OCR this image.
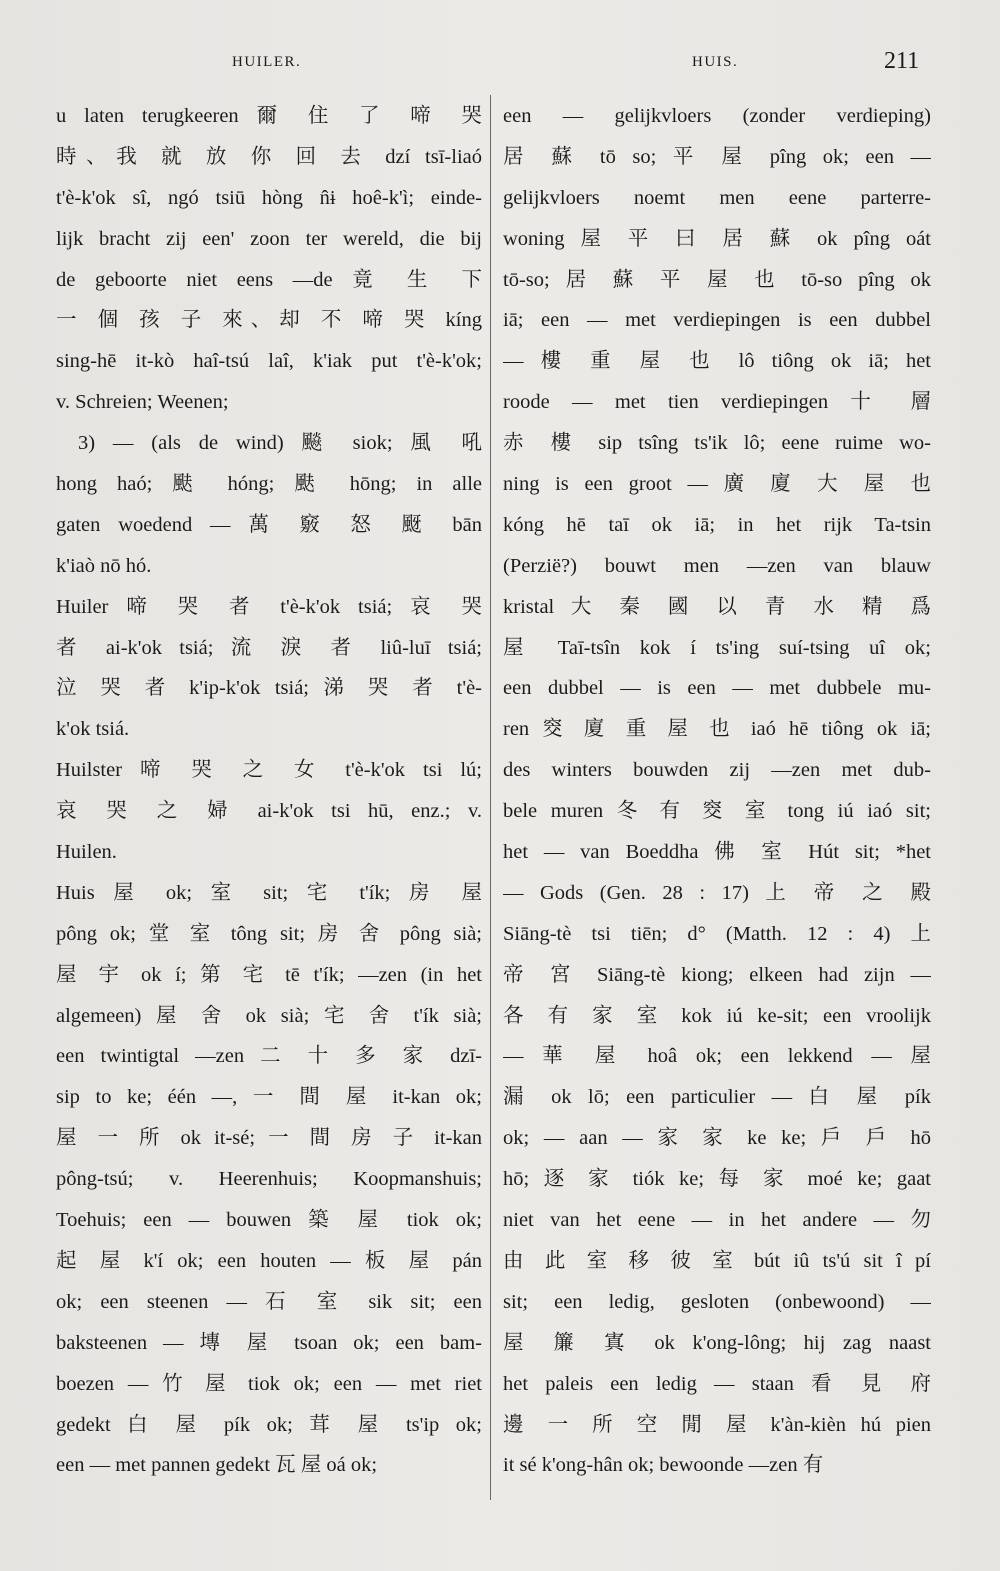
HUILER.	HUIS.	211
u laten terugkeeren 爾 住 了 啼 哭
時、我 就 放 你 回 去 dzí tsī-liaó
t'è-k'ok sî, ngó tsiū hòng n̂ɨ hoê-k'ì; einde-
lijk bracht zij een' zoon ter wereld, die bij
de geboorte niet eens —de 竟 生 下
一 個 孩 子 來、却 不 啼 哭 kíng
sing-hē it-kò haî-tsú laî, k'iak put t'è-k'ok;
v. Schreien; Weenen;
3) — (als de wind) 飈 siok; 風 吼
hong haó; 颫 hóng; 颫 hōng; in alle
gaten woedend — 萬 竅 怒 颬 bān
k'iaò nō hó.
Huiler 啼 哭 者 t'è-k'ok tsiá; 哀 哭
者 ai-k'ok tsiá; 流 淚 者 liû-luī tsiá;
泣 哭 者 k'ip-k'ok tsiá; 涕 哭 者 t'è-
k'ok tsiá.
Huilster 啼 哭 之 女 t'è-k'ok tsi lú;
哀 哭 之 婦 ai-k'ok tsi hū, enz.; v.
Huilen.
Huis 屋 ok; 室 sit; 宅 t'ík; 房 屋
pông ok; 堂 室 tông sit; 房 舍 pông sià;
屋 宇 ok í; 第 宅 tē t'ík; —zen (in het
algemeen) 屋 舍 ok sià; 宅 舍 t'ík sià;
een twintigtal —zen 二 十 多 家 dzī-
sip to ke; één —, 一 間 屋 it-kan ok;
屋 一 所 ok it-sé; 一 間 房 子 it-kan
pông-tsú; v. Heerenhuis; Koopmanshuis;
Toehuis; een — bouwen 築 屋 tiok ok;
起 屋 k'í ok; een houten — 板 屋 pán
ok; een steenen — 石 室 sik sit; een
baksteenen — 塼 屋 tsoan ok; een bam-
boezen — 竹 屋 tiok ok; een — met riet
gedekt 白 屋 pík ok; 茸 屋 ts'ip ok;
een — met pannen gedekt 瓦 屋 oá ok;
een — gelijkvloers (zonder verdieping)
居 蘇 tō so; 平 屋 pîng ok; een —
gelijkvloers noemt men eene parterre-
woning 屋 平 曰 居 蘇 ok pîng oát
tō-so; 居 蘇 平 屋 也 tō-so pîng ok
iā; een — met verdiepingen is een dubbel
— 樓 重 屋 也 lô tiông ok iā; het
roode — met tien verdiepingen 十 層
赤 樓 sip tsîng ts'ik lô; eene ruime wo-
ning is een groot — 廣 廈 大 屋 也
kóng hē taī ok iā; in het rijk Ta-tsin
(Perzië?) bouwt men —zen van blauw
kristal 大 秦 國 以 青 水 精 爲
屋 Taī-tsîn kok í ts'ing suí-tsing uî ok;
een dubbel — is een — met dubbele mu-
ren 窔 廈 重 屋 也 iaó hē tiông ok iā;
des winters bouwden zij —zen met dub-
bele muren 冬 有 窔 室 tong iú iaó sit;
het — van Boeddha 佛 室 Hút sit; *het
— Gods (Gen. 28 : 17) 上 帝 之 殿
Siāng-tè tsi tiēn; d° (Matth. 12 : 4) 上
帝 宮 Siāng-tè kiong; elkeen had zijn —
各 有 家 室 kok iú ke-sit; een vroolijk
— 華 屋 hoâ ok; een lekkend — 屋
漏 ok lō; een particulier — 白 屋 pík
ok; — aan — 家 家 ke ke; 戶 戶 hō
hō; 逐 家 tiók ke; 每 家 moé ke; gaat
niet van het eene — in het andere — 勿
由 此 室 移 彼 室 bút iû ts'ú sit î pí
sit; een ledig, gesloten (onbewoond) —
屋 簾 寘 ok k'ong-lông; hij zag naast
het paleis een ledig — staan 看 見 府
邊 一 所 空 閒 屋 k'àn-kièn hú pien
it sé k'ong-hân ok; bewoonde —zen 有
